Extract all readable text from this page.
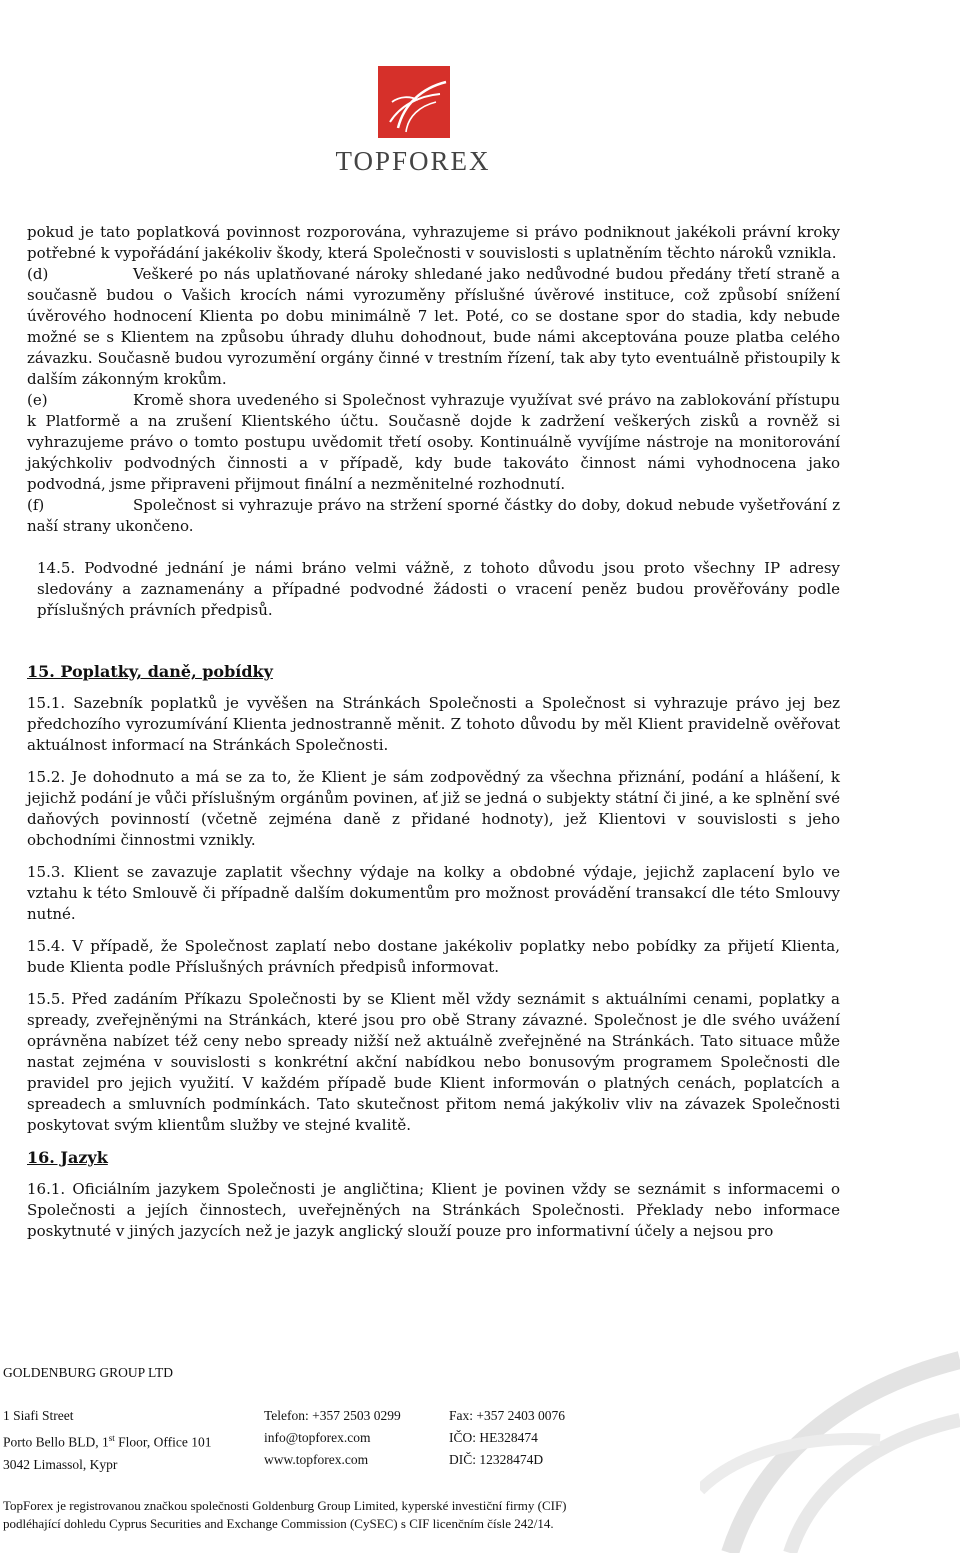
TOPFOREX

pokud je tato poplatková povinnost rozporována, vyhrazujeme si právo podniknout jakékoli právní kroky potřebné k vypořádání jakékoliv škody, která Společnosti v souvislosti s uplatněním těchto nároků vznikla.

(d)	Veškeré po nás uplatňované nároky shledané jako nedůvodné budou předány třetí straně a současně budou o Vašich krocích námi vyrozuměny příslušné úvěrové instituce, což způsobí snížení úvěrového hodnocení Klienta po dobu minimálně 7 let. Poté, co se dostane spor do stadia, kdy nebude možné se s Klientem na způsobu úhrady dluhu dohodnout, bude námi akceptována pouze platba celého závazku. Současně budou vyrozumění orgány činné v trestním řízení, tak aby tyto eventuálně přistoupily k dalším zákonným krokům.

(e)	Kromě shora uvedeného si Společnost vyhrazuje využívat své právo na zablokování přístupu k Platformě a na zrušení Klientského účtu. Současně dojde k zadržení veškerých zisků a rovněž si vyhrazujeme právo o tomto postupu uvědomit třetí osoby. Kontinuálně vyvíjíme nástroje na monitorování jakýchkoliv podvodných činnosti a v případě, kdy bude takováto činnost námi vyhodnocena jako podvodná, jsme připraveni přijmout finální a nezměnitelné rozhodnutí.

(f)	Společnost si vyhrazuje právo na stržení sporné částky do doby, dokud nebude vyšetřování z naší strany ukončeno.

14.5. Podvodné jednání je námi bráno velmi vážně, z tohoto důvodu jsou proto všechny IP adresy sledovány a zaznamenány a případné podvodné žádosti o vracení peněz budou prověřovány podle příslušných právních předpisů.

15. Poplatky, daně, pobídky

15.1. Sazebník poplatků je vyvěšen na Stránkách Společnosti a Společnost si vyhrazuje právo jej bez předchozího vyrozumívání Klienta jednostranně měnit. Z tohoto důvodu by měl Klient pravidelně ověřovat aktuálnost informací na Stránkách Společnosti.

15.2. Je dohodnuto a má se za to, že Klient je sám zodpovědný za všechna přiznání, podání a hlášení, k jejichž podání je vůči příslušným orgánům povinen, ať již se jedná o subjekty státní či jiné, a ke splnění své daňových povinností (včetně zejména daně z přidané hodnoty), jež Klientovi v souvislosti s jeho obchodními činnostmi vznikly.

15.3. Klient se zavazuje zaplatit všechny výdaje na kolky a obdobné výdaje, jejichž zaplacení bylo ve vztahu k této Smlouvě či případně dalším dokumentům pro možnost provádění transakcí dle této Smlouvy nutné.

15.4. V případě, že Společnost zaplatí nebo dostane jakékoliv poplatky nebo pobídky za přijetí Klienta, bude Klienta podle Příslušných právních předpisů informovat.

15.5. Před zadáním Příkazu Společnosti by se Klient měl vždy seznámit s aktuálními cenami, poplatky a spready, zveřejněnými na Stránkách, které jsou pro obě Strany závazné. Společnost je dle svého uvážení oprávněna nabízet též ceny nebo spready nižší než aktuálně zveřejněné na Stránkách. Tato situace může nastat zejména v souvislosti s konkrétní akční nabídkou nebo bonusovým programem Společnosti dle pravidel pro jejich využití. V každém případě bude Klient informován o platných cenách, poplatcích a spreadech a smluvních podmínkách. Tato skutečnost přitom nemá jakýkoliv vliv na závazek Společnosti poskytovat svým klientům služby ve stejné kvalitě.

16. Jazyk

16.1. Oficiálním jazykem Společnosti je angličtina; Klient je povinen vždy se seznámit s informacemi o Společnosti a jejích činnostech, uveřejněných na Stránkách Společnosti. Překlady nebo informace poskytnuté v jiných jazycích než je jazyk anglický slouží pouze pro informativní účely a nejsou pro

GOLDENBURG GROUP LTD
1 Siafi Street
Porto Bello BLD, 1st Floor, Office 101
3042 Limassol, Kypr
Telefon: +357 2503 0299
info@topforex.com
www.topforex.com
Fax: +357 2403 0076
IČO: HE328474
DIČ: 12328474D
TopForex je registrovanou značkou společnosti Goldenburg Group Limited, kyperské investiční firmy (CIF)
podléhající dohledu Cyprus Securities and Exchange Commission (CySEC) s CIF licenčním čísle 242/14.
